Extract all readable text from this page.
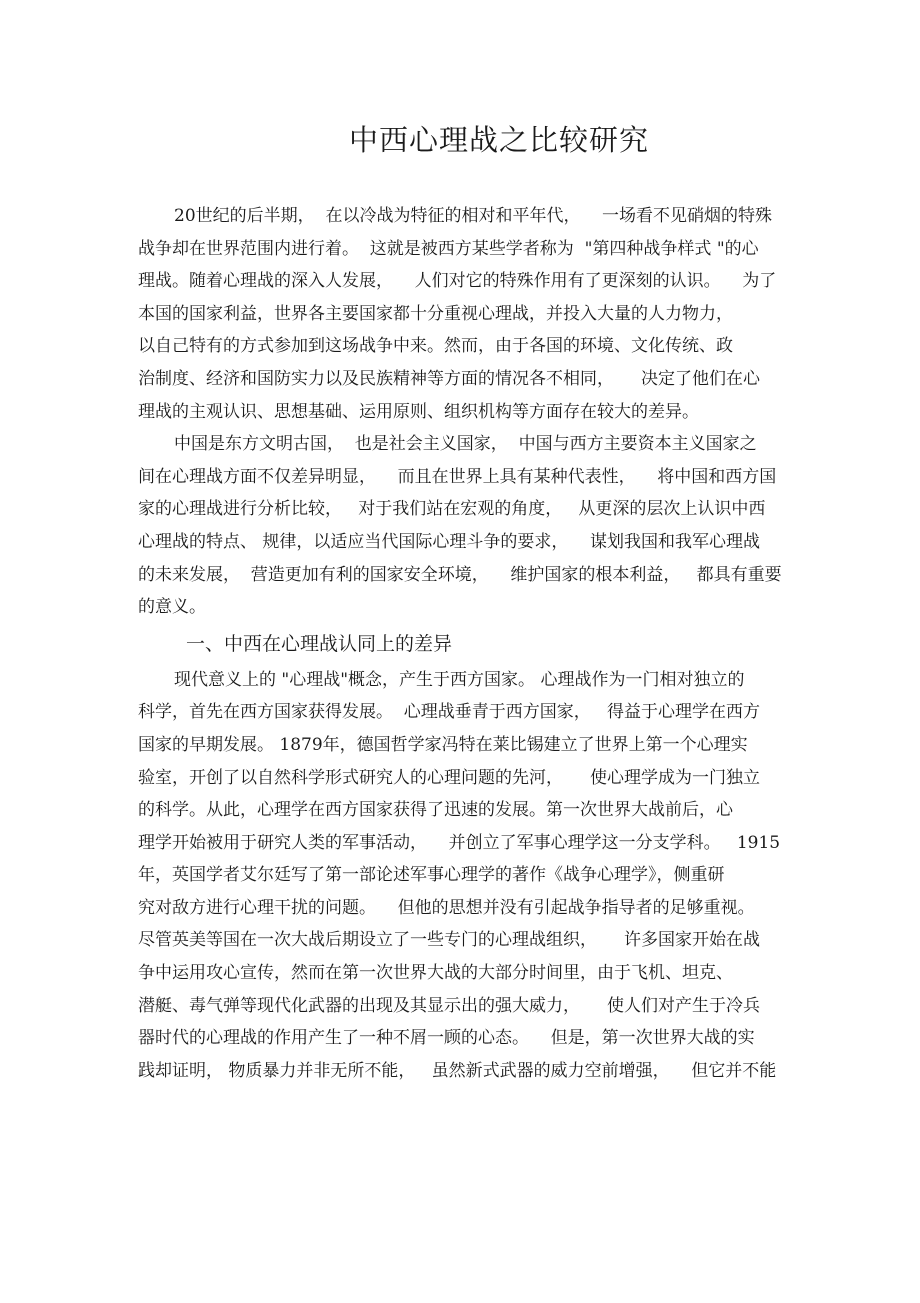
中西心理战之比较研究
20世纪的后半期，  在以冷战为特征的相对和平年代，    一场看不见硝烟的特殊
战争却在世界范围内进行着。  这就是被西方某些学者称为  "第四种战争样式 "的心
理战。随着心理战的深入人发展，    人们对它的特殊作用有了更深刻的认识。    为了
本国的国家利益，世界各主要国家都十分重视心理战，并投入大量的人力物力，
以自己特有的方式参加到这场战争中来。然而，由于各国的环境、文化传统、政
治制度、经济和国防实力以及民族精神等方面的情况各不相同，     决定了他们在心
理战的主观认识、思想基础、运用原则、组织机构等方面存在较大的差异。
中国是东方文明古国，  也是社会主义国家，  中国与西方主要资本主义国家之
间在心理战方面不仅差异明显，    而且在世界上具有某种代表性，    将中国和西方国
家的心理战进行分析比较，   对于我们站在宏观的角度，   从更深的层次上认识中西
心理战的特点、 规律，以适应当代国际心理斗争的要求，    谋划我国和我军心理战
的未来发展，  营造更加有利的国家安全环境，    维护国家的根本利益，   都具有重要
的意义。
一、中西在心理战认同上的差异
现代意义上的 "心理战"概念，产生于西方国家。 心理战作为一门相对独立的
科学，首先在西方国家获得发展。  心理战垂青于西方国家，   得益于心理学在西方
国家的早期发展。 1879年，德国哲学家冯特在莱比锡建立了世界上第一个心理实
验室，开创了以自然科学形式研究人的心理问题的先河，     使心理学成为一门独立
的科学。从此，心理学在西方国家获得了迅速的发展。第一次世界大战前后，心
理学开始被用于研究人类的军事活动，    并创立了军事心理学这一分支学科。   1915
年，英国学者艾尔廷写了第一部论述军事心理学的著作《战争心理学》，侧重研
究对敌方进行心理干扰的问题。    但他的思想并没有引起战争指导者的足够重视。
尽管英美等国在一次大战后期设立了一些专门的心理战组织，     许多国家开始在战
争中运用攻心宣传，然而在第一次世界大战的大部分时间里，由于飞机、坦克、
潜艇、毒气弹等现代化武器的出现及其显示出的强大威力，     使人们对产生于冷兵
器时代的心理战的作用产生了一种不屑一顾的心态。    但是，第一次世界大战的实
践却证明， 物质暴力并非无所不能，   虽然新式武器的威力空前增强，    但它并不能
